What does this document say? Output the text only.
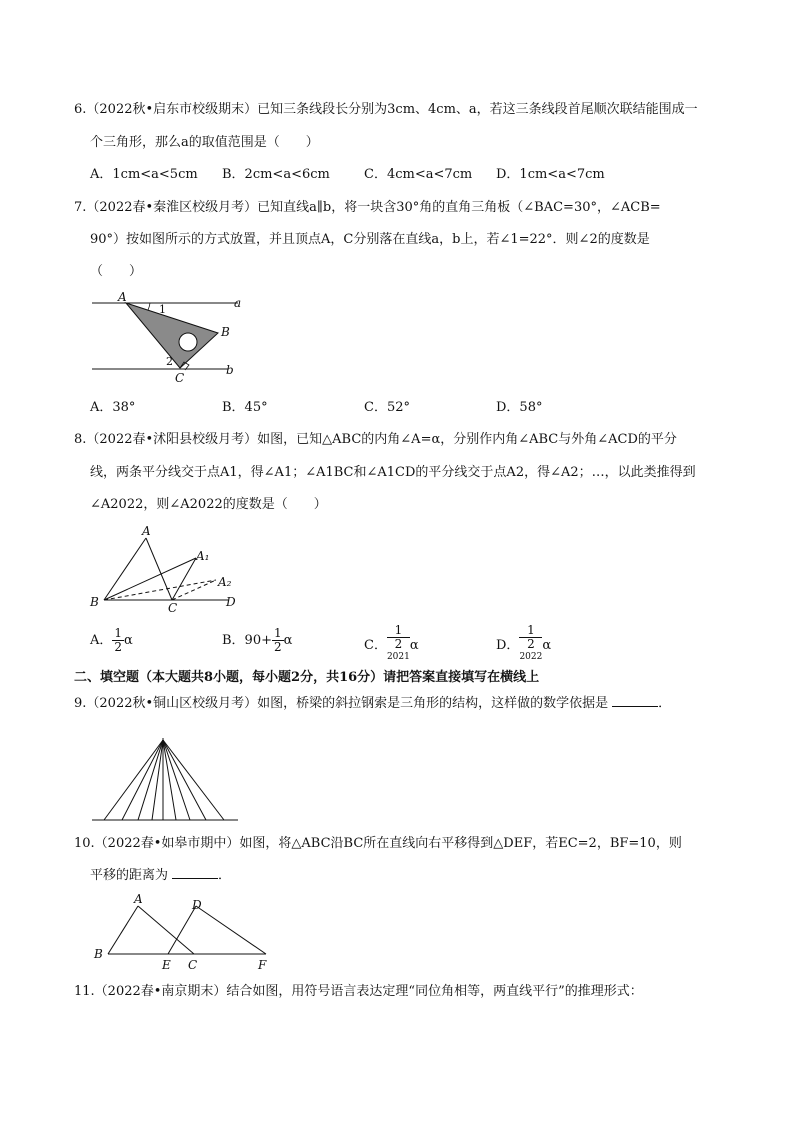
6.（2022秋•启东市校级期末）已知三条线段长分别为3cm、4cm、a，若这三条线段首尾顺次联结能围成一
个三角形，那么a的取值范围是（　　）
A．1cm<a<5cm B．2cm<a<6cm	C．4cm<a<7cm D．1cm<a<7cm
7.（2022春•秦淮区校级月考）已知直线a∥b，将一块含30°角的直角三角板（∠BAC=30°，∠ACB=
90°）按如图所示的方式放置，并且顶点A，C分别落在直线a，b上，若∠1=22°．则∠2的度数是
（　　）
A
B
C
a
b
1
2
A．38°	B．45°	C．52°	D．58°
8.（2022春•沭阳县校级月考）如图，已知△ABC的内角∠A=α，分别作内角∠ABC与外角∠ACD的平分
线，两条平分线交于点A1，得∠A1；∠A1BC和∠A1CD的平分线交于点A2，得∠A2；…，以此类推得到
∠A2022，则∠A2022的度数是（　　）
A
A₁
A₂
B	C	D
A． $\frac{1}{2}$ α	B．$90+ \frac{1}{2}$ α	C． 1
2
$^{2021}$ α	D． 1
2
$^{2022}$ α
二、填空题（本大题共8小题，每小题2分，共16分）请把答案直接填写在横线上
9.（2022秋•铜山区校级月考）如图，桥梁的斜拉钢索是三角形的结构，这样做的数学依据是	．
10.（2022春•如皋市期中）如图，将△ABC沿BC所在直线向右平移得到△DEF，若EC=2，BF=10，则
平移的距离为	．
A
B
C
D
E	F
11.（2022春•南京期末）结合如图，用符号语言表达定理“同位角相等，两直线平行”的推理形式：
